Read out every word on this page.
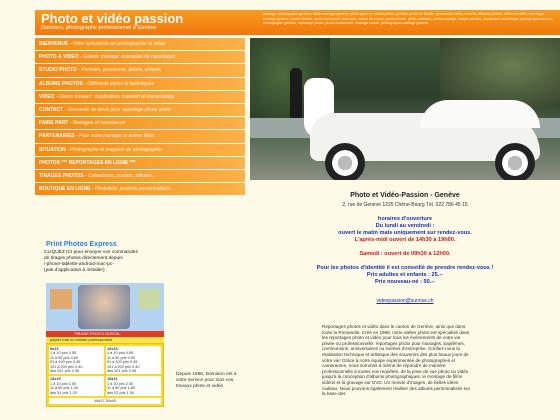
Photo et vidéo passion
Damiano, photographe professionnel à Genève
mariage, photographe geneve, video mariage geneve, photo geneve, studio photo, portrait, photo de famille, grossesse, bebe, enfants, albums photos, video transfert, reportage mariage geneve, photo identite, photo passeport, faire part, cartes de voeux, photos livres, photo cadeaux, photo mariage, tirages photos, impression numerique, photographe suisse, photographe geneve, reportage photo, photo evenement, mariage suisse, photographe mariage geneve
BIENVENUE - Votre spécialiste en photographie et vidéo
PHOTO & VIDEO - Galerie mariage: exemples de reportages
STUDIO PHOTO - Portraits, grossesse, bébés, enfants
ALBUMS PHOTOS - Différents styles et techniques
VIDEO - Divers travaux : duplication, transfert et transcodage
CONTACT - Demande de devis pour reportage photo vidéo
FAIRE PART - Mariages et naissances
PARTENAIRES - Pour votre mariage et autres fêtes
SITUATION - Photographe et magasin de photographie
PHOTOS *** REPORTAGES EN LIGNE ***
TIRAGES PHOTOS - Calendriers, posters, albums...
BOUTIQUE EN LIGNE - PhotoAdo: produits personnalisés...
Print Photos Express
CLIQUEZ ICI pour envoyer vos commandes
de tirages photos directement depuis
i-phone-tablette-android-mac-pc-
(pas d'application à installer)
TIRAGE PHOTO DIGITAL
papier mat ou brillant professionnel
9x13
1 à 10 prix 0.55
11 à 50 prix 0.50
51 à 100 prix 0.45
101 à 200 prix 0.40
dès 201 prix 0.35
10x15
1 à 10 prix 0.55
11 à 50 prix 0.50
51 à 100 prix 0.45
101 à 200 prix 0.40
dès 201 prix 0.35
13x19
1 à 10 prix 1.50
11 à 50 prix 1.40
dès 51 prix 1.20
15x21
1 à 10 prix 2.00
11 à 50 prix 1.80
dès 51 prix 1.50
18x27 30x40
Depuis 1996, Damiano est à votre service pour tous vos travaux photo et vidéo
Photo et Vidéo-Passion - Genève
2, rue de Genève 1225 Chêne-Bourg Tél. 022 786 45 15
horaires d'ouverture
Du lundi au vendredi :
ouvert le matin mais uniquement sur rendez-vous.
L'après-midi ouvert de 14h30 à 19h00.
Samedi : ouvert de 09h30 à 12h00.
Pour les photos d'identité il est conseillé de prendre rendez-vous !
Prix adultes et enfants : 25.--
Prix nouveau-né : 50.--
videopassion@sunrise.ch
Reportages photos et vidéo dans le canton de Genève, ainsi que dans toute la Romandie. Créé en 1996, notre atelier photo est spécialisé dans les reportages photo et vidéo pour tous les événements de votre vie privée ou professionnelle: reportages photo pour mariages, baptêmes, communions, anniversaires ou soirées d'entreprise. Confiez-nous la réalisation technique et artistique des souvenirs des plus beaux jours de votre vie! Grâce à notre équipe expérimentée de photographes et cameramen, nous sommes à même de répondre de manière professionnelle à toutes vos requêtes, de la prise de vue photo ou vidéo jusqu'à la conception d'albums photographiques, le montage de films vidéos et la gravage sur DVD. Un monde d'images, de belles idées cadeau. Nous pouvons également réaliser des albums personnalisés sur la base des
